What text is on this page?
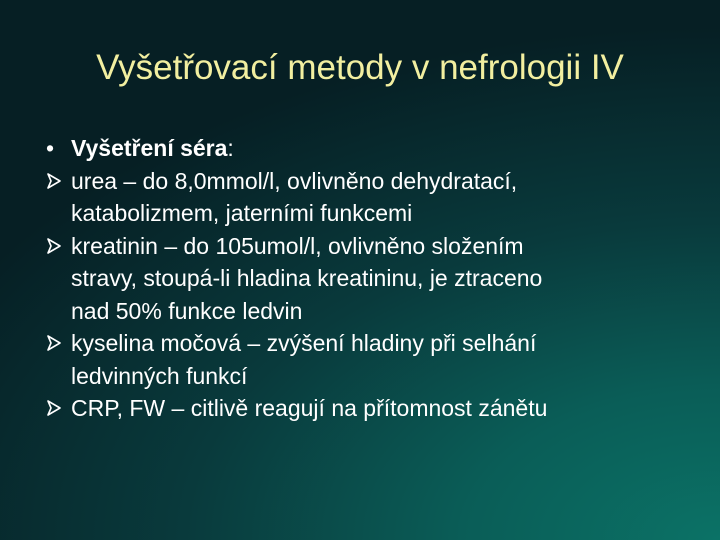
Vyšetřovací metody v nefrologii IV
• Vyšetření séra:
urea – do 8,0mmol/l, ovlivněno dehydratací,
katabolizmem, jaterními funkcemi
kreatinin – do 105umol/l, ovlivněno složením
stravy, stoupá-li hladina kreatininu, je ztraceno
nad 50% funkce ledvin
kyselina močová – zvýšení hladiny při selhání
ledvinných funkcí
CRP, FW – citlivě reagují na přítomnost zánětu
